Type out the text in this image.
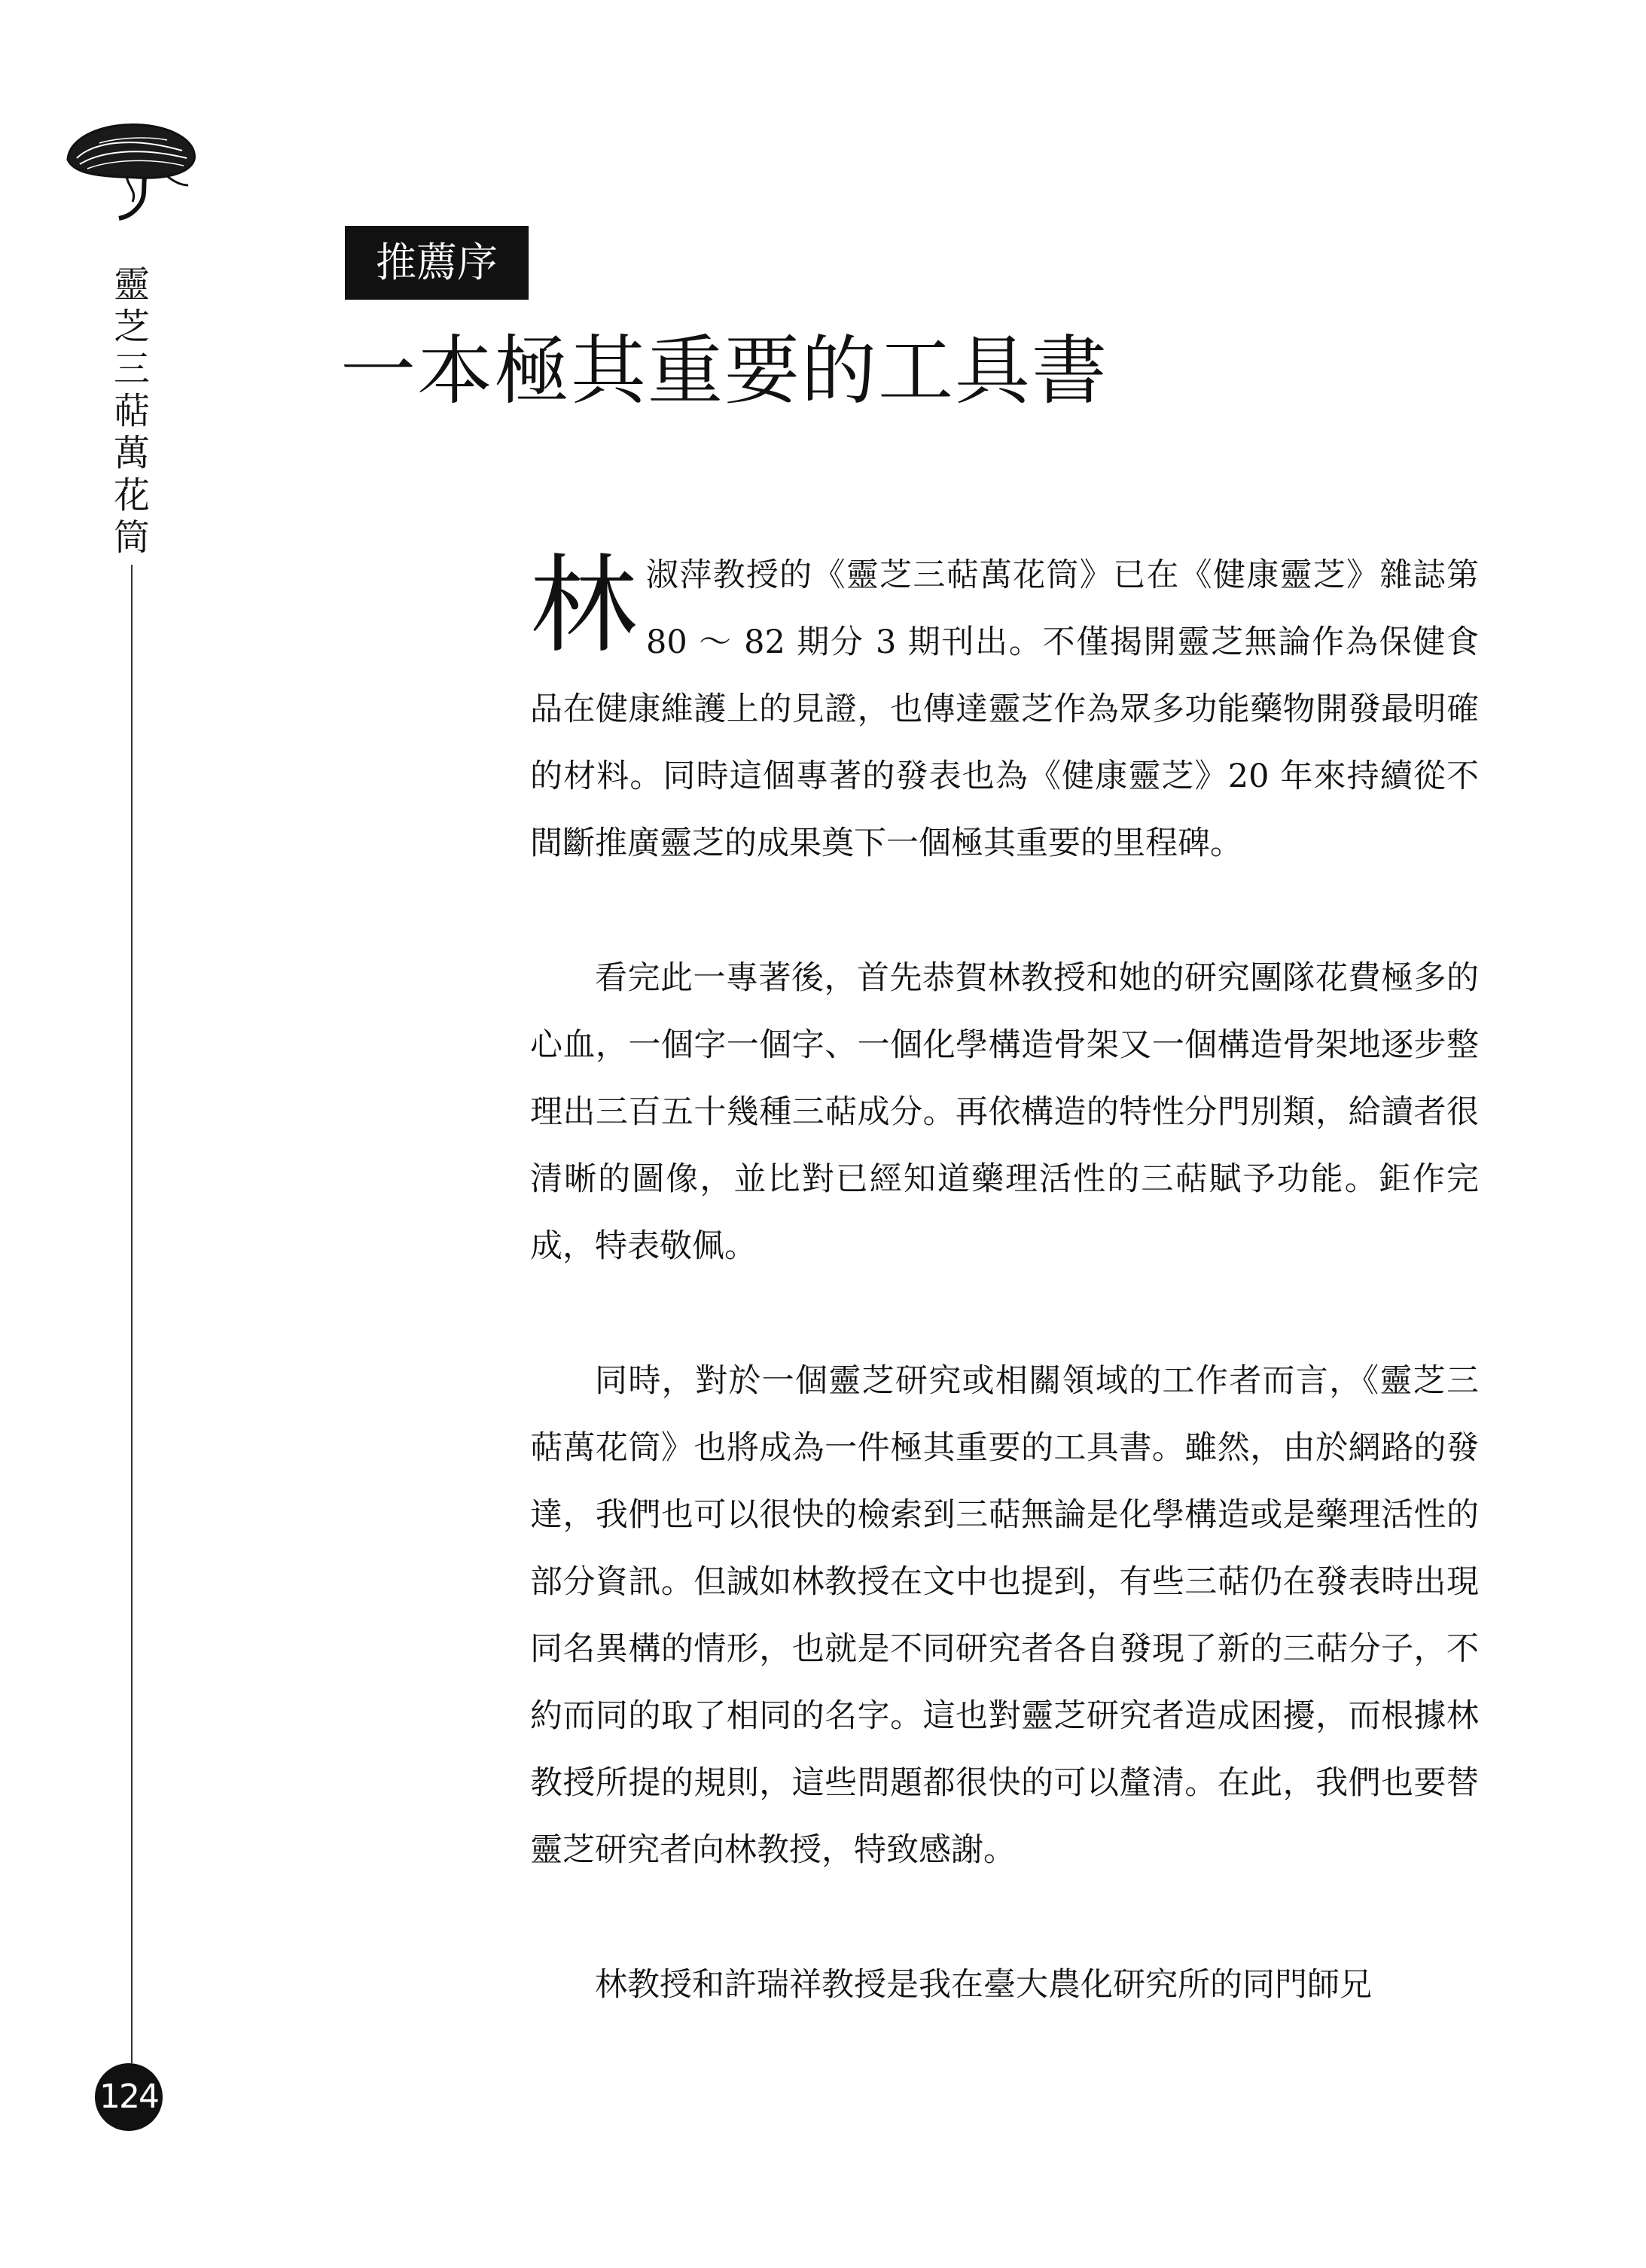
靈芝三萜萬花筒
124
推薦序
一本極其重要的工具書

林淑萍教授的《靈芝三萜萬花筒》已在《健康靈芝》雜誌第 80 ～ 82 期分 3 期刊出。不僅揭開靈芝無論作為保健食品在健康維護上的見證，也傳達靈芝作為眾多功能藥物開發最明確的材料。同時這個專著的發表也為《健康靈芝》20 年來持續從不間斷推廣靈芝的成果奠下一個極其重要的里程碑。

看完此一專著後，首先恭賀林教授和她的研究團隊花費極多的心血，一個字一個字、一個化學構造骨架又一個構造骨架地逐步整理出三百五十幾種三萜成分。再依構造的特性分門別類，給讀者很清晰的圖像，並比對已經知道藥理活性的三萜賦予功能。鉅作完成，特表敬佩。

同時，對於一個靈芝研究或相關領域的工作者而言，《靈芝三萜萬花筒》也將成為一件極其重要的工具書。雖然，由於網路的發達，我們也可以很快的檢索到三萜無論是化學構造或是藥理活性的部分資訊。但誠如林教授在文中也提到，有些三萜仍在發表時出現同名異構的情形，也就是不同研究者各自發現了新的三萜分子，不約而同的取了相同的名字。這也對靈芝研究者造成困擾，而根據林教授所提的規則，這些問題都很快的可以釐清。在此，我們也要替靈芝研究者向林教授，特致感謝。

林教授和許瑞祥教授是我在臺大農化研究所的同門師兄
